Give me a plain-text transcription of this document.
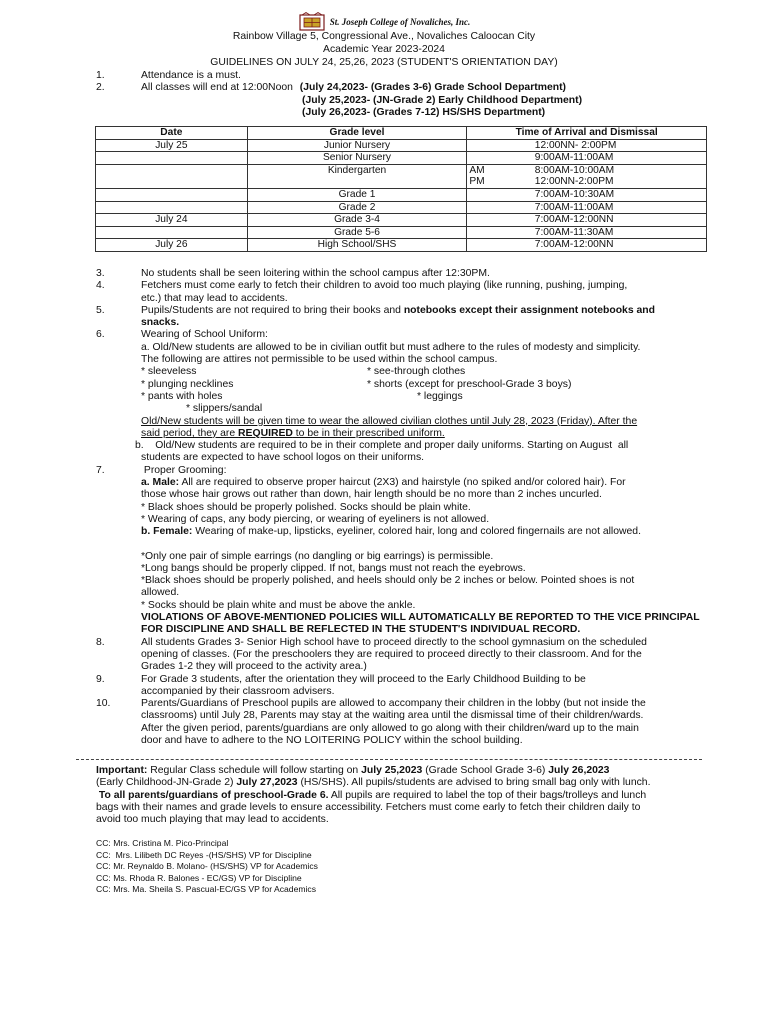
St. Joseph College of Novaliches, Inc.
Rainbow Village 5, Congressional Ave., Novaliches Caloocan City
Academic Year 2023-2024
GUIDELINES ON JULY 24, 25,26, 2023 (STUDENT'S ORIENTATION DAY)
1.	Attendance is a must.
2.	All classes will end at 12:00Noon (July 24,2023- (Grades 3-6) Grade School Department)
(July 25,2023- (JN-Grade 2) Early Childhood Department)
(July 26,2023- (Grades 7-12) HS/SHS Department)
Date	Grade level	Time of Arrival and Dismissal	
July 25	Junior Nursery		12:00NN- 2:00PM
	Senior Nursery		9:00AM-11:00AM
	Kindergarten	AM	8:00AM-10:00AM
		PM	12:00NN-2:00PM
	Grade 1		7:00AM-10:30AM
	Grade 2		7:00AM-11:00AM
July 24	Grade 3-4		7:00AM-12:00NN
	Grade 5-6		7:00AM-11:30AM
July 26	High School/SHS		7:00AM-12:00NN
3.	No students shall be seen loitering within the school campus after 12:30PM.
4.	Fetchers must come early to fetch their children to avoid too much playing (like running, pushing, jumping,
etc.) that may lead to accidents.
5.	Pupils/Students are not required to bring their books and notebooks except their assignment notebooks and
snacks.
6.	Wearing of School Uniform:
a. Old/New students are allowed to be in civilian outfit but must adhere to the rules of modesty and simplicity.
The following are attires not permissible to be used within the school campus.
* sleeveless	* see-through clothes
* plunging necklines	* shorts (except for preschool-Grade 3 boys)
* pants with holes	* leggings
* slippers/sandal
Old/New students will be given time to wear the allowed civilian clothes until July 28, 2023 (Friday). After the
said period, they are REQUIRED to be in their prescribed uniform.
b.    Old/New students are required to be in their complete and proper daily uniforms. Starting on August  all
students are expected to have school logos on their uniforms.
7.	Proper Grooming:
a. Male: All are required to observe proper haircut (2X3) and hairstyle (no spiked and/or colored hair). For
those whose hair grows out rather than down, hair length should be no more than 2 inches uncurled.
* Black shoes should be properly polished. Socks should be plain white.
* Wearing of caps, any body piercing, or wearing of eyeliners is not allowed.
b. Female: Wearing of make-up, lipsticks, eyeliner, colored hair, long and colored fingernails are not allowed.
*Only one pair of simple earrings (no dangling or big earrings) is permissible.
*Long bangs should be properly clipped. If not, bangs must not reach the eyebrows.
*Black shoes should be properly polished, and heels should only be 2 inches or below. Pointed shoes is not
allowed.
* Socks should be plain white and must be above the ankle.
VIOLATIONS OF ABOVE-MENTIONED POLICIES WILL AUTOMATICALLY BE REPORTED TO THE VICE PRINCIPAL
FOR DISCIPLINE AND SHALL BE REFLECTED IN THE STUDENT'S INDIVIDUAL RECORD.
8.	All students Grades 3- Senior High school have to proceed directly to the school gymnasium on the scheduled
opening of classes. (For the preschoolers they are required to proceed directly to their classroom. And for the
Grades 1-2 they will proceed to the activity area.)
9.	For Grade 3 students, after the orientation they will proceed to the Early Childhood Building to be
accompanied by their classroom advisers.
10.	Parents/Guardians of Preschool pupils are allowed to accompany their children in the lobby (but not inside the
classrooms) until July 28, Parents may stay at the waiting area until the dismissal time of their children/wards.
After the given period, parents/guardians are only allowed to go along with their children/ward up to the main
door and have to adhere to the NO LOITERING POLICY within the school building.
Important: Regular Class schedule will follow starting on July 25,2023 (Grade School Grade 3-6) July 26,2023
(Early Childhood-JN-Grade 2) July 27,2023 (HS/SHS). All pupils/students are advised to bring small bag only with lunch.
To all parents/guardians of preschool-Grade 6. All pupils are required to label the top of their bags/trolleys and lunch
bags with their names and grade levels to ensure accessibility. Fetchers must come early to fetch their children daily to
avoid too much playing that may lead to accidents.
CC: Mrs. Cristina M. Pico-Principal
CC:  Mrs. Lilibeth DC Reyes -(HS/SHS) VP for Discipline
CC: Mr. Reynaldo B. Molano- (HS/SHS) VP for Academics
CC: Ms. Rhoda R. Balones - EC/GS) VP for Discipline
CC: Mrs. Ma. Sheila S. Pascual-EC/GS VP for Academics
